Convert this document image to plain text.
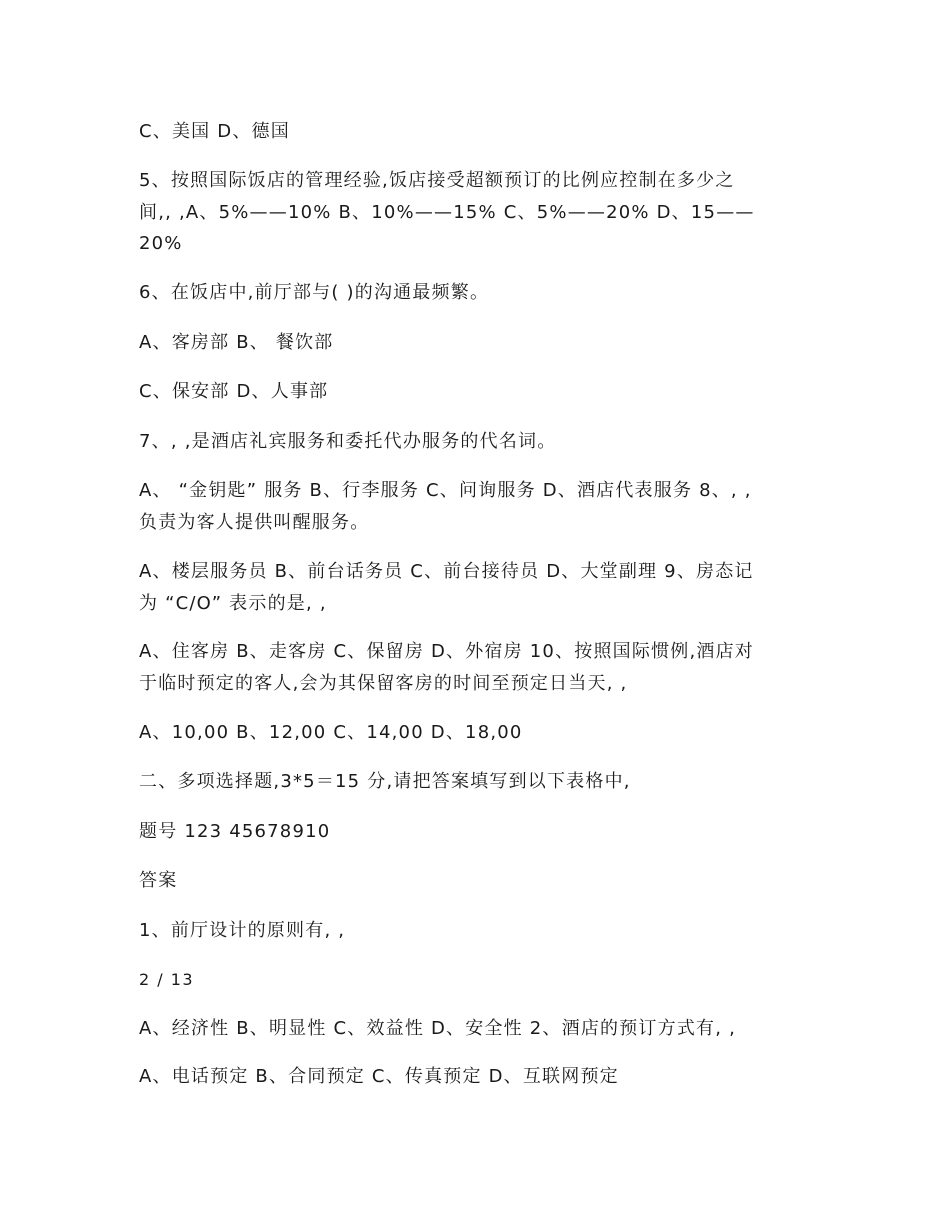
C、美国 D、德国
5、按照国际饭店的管理经验,饭店接受超额预订的比例应控制在多少之
间,, ,A、5%——10% B、10%——15% C、5%——20% D、15——
20%
6、在饭店中,前厅部与( )的沟通最频繁。
A、客房部 B、 餐饮部
C、保安部 D、人事部
7、, ,是酒店礼宾服务和委托代办服务的代名词。
A、 “金钥匙” 服务 B、行李服务 C、问询服务 D、酒店代表服务 8、, ,
负责为客人提供叫醒服务。
A、楼层服务员 B、前台话务员 C、前台接待员 D、大堂副理 9、房态记
为 “C/O” 表示的是, ,
A、住客房 B、走客房 C、保留房 D、外宿房 10、按照国际惯例,酒店对
于临时预定的客人,会为其保留客房的时间至预定日当天, ,
A、10,00 B、12,00 C、14,00 D、18,00
二、多项选择题,3*5＝15 分,请把答案填写到以下表格中,
题号 123 45678910
答案
1、前厅设计的原则有, ,
2 / 13
A、经济性 B、明显性 C、效益性 D、安全性 2、酒店的预订方式有, ,
A、电话预定 B、合同预定 C、传真预定 D、互联网预定
